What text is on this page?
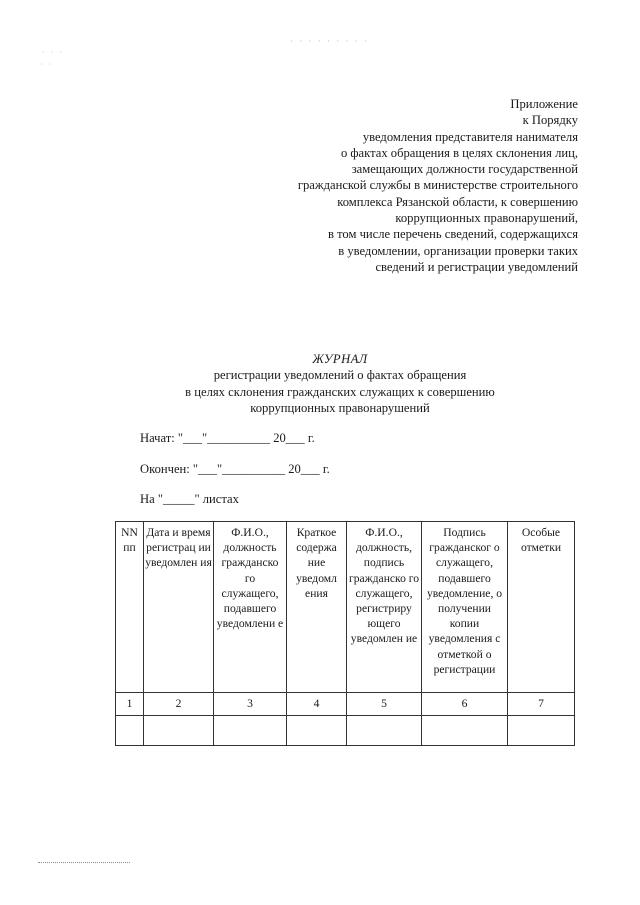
· · · · · · · · ·
· · ·
· ·
Приложение
к Порядку
уведомления представителя нанимателя
о фактах обращения в целях склонения лиц,
замещающих должности государственной
гражданской службы в министерстве строительного
комплекса Рязанской области, к совершению
коррупционных правонарушений,
в том числе перечень сведений, содержащихся
в уведомлении, организации проверки таких
сведений и регистрации уведомлений
ЖУРНАЛ
регистрации уведомлений о фактах обращения
в целях склонения гражданских служащих к совершению
коррупционных правонарушений
Начат: "___"__________ 20___ г.
Окончен: "___"__________ 20___ г.
На "_____" листах
NN пп	Дата и время регистрац ии уведомлен ия	Ф.И.О., должность гражданско го служащего, подавшего уведомлени е	Краткое содержа ние уведомл ения	Ф.И.О., должность, подпись гражданско го служащего, регистриру ющего уведомлен ие	Подпись гражданског о служащего, подавшего уведомление, о получении копии уведомления с отметкой о регистрации	Особые отметки

1	2	3	4	5	6	7
